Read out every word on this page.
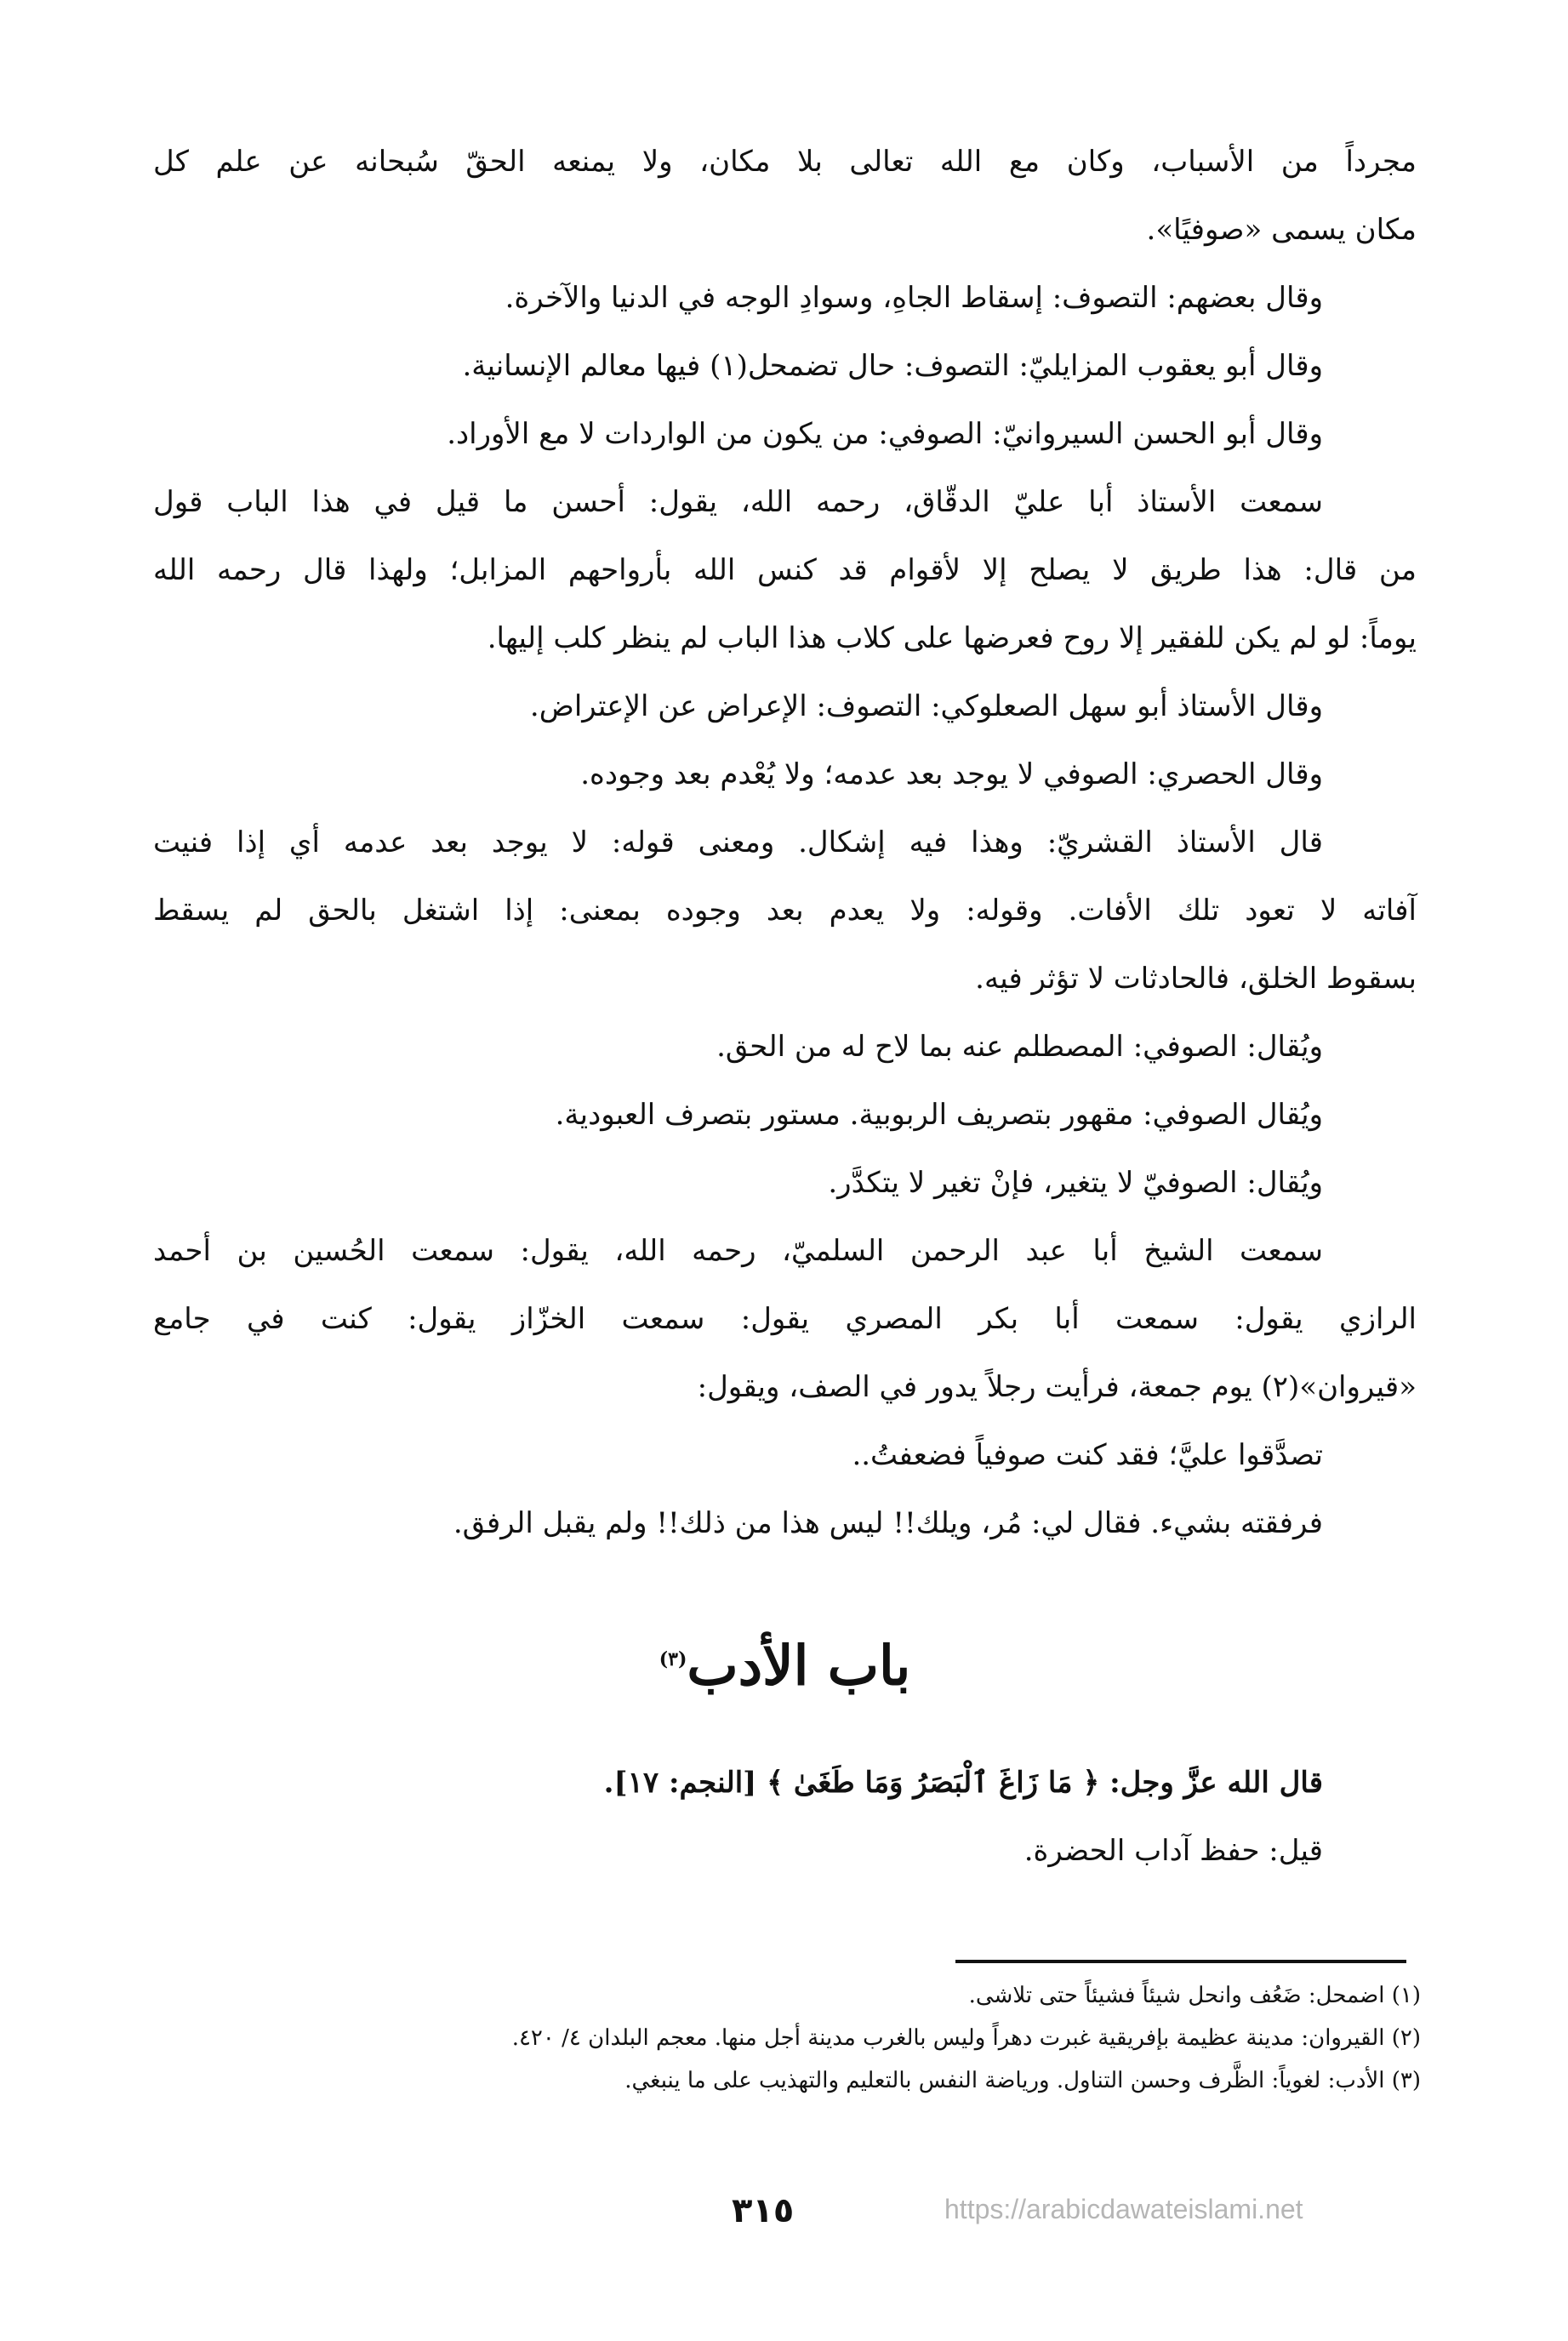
مجرداً من الأسباب، وكان مع الله تعالى بلا مكان، ولا يمنعه الحقّ سُبحانه عن علم كل
مكان يسمى «صوفيًا».
وقال بعضهم: التصوف: إسقاط الجاهِ، وسوادِ الوجه في الدنيا والآخرة.
وقال أبو يعقوب المزايليّ: التصوف: حال تضمحل(١) فيها معالم الإنسانية.
وقال أبو الحسن السيروانيّ: الصوفي: من يكون من الواردات لا مع الأوراد.
سمعت الأستاذ أبا عليّ الدقّاق، رحمه الله، يقول: أحسن ما قيل في هذا الباب قول
من قال: هذا طريق لا يصلح إلا لأقوام قد كنس الله بأرواحهم المزابل؛ ولهذا قال رحمه الله
يوماً: لو لم يكن للفقير إلا روح فعرضها على كلاب هذا الباب لم ينظر كلب إليها.
وقال الأستاذ أبو سهل الصعلوكي: التصوف: الإعراض عن الإعتراض.
وقال الحصري: الصوفي لا يوجد بعد عدمه؛ ولا يُعْدم بعد وجوده.
قال الأستاذ القشريّ: وهذا فيه إشكال. ومعنى قوله: لا يوجد بعد عدمه أي إذا فنيت
آفاته لا تعود تلك الأفات. وقوله: ولا يعدم بعد وجوده بمعنى: إذا اشتغل بالحق لم يسقط
بسقوط الخلق، فالحادثات لا تؤثر فيه.
ويُقال: الصوفي: المصطلم عنه بما لاح له من الحق.
ويُقال الصوفي: مقهور بتصريف الربوبية. مستور بتصرف العبودية.
ويُقال: الصوفيّ لا يتغير، فإنْ تغير لا يتكدَّر.
سمعت الشيخ أبا عبد الرحمن السلميّ، رحمه الله، يقول: سمعت الحُسين بن أحمد
الرازي يقول: سمعت أبا بكر المصري يقول: سمعت الخزّاز يقول: كنت في جامع
«قيروان»(٢) يوم جمعة، فرأيت رجلاً يدور في الصف، ويقول:
تصدَّقوا عليَّ؛ فقد كنت صوفياً فضعفتُ..
فرفقته بشيء. فقال لي: مُر، ويلك!! ليس هذا من ذلك!! ولم يقبل الرفق.
باب الأدب$^{(٣)}$
قال الله عزَّ وجل: ﴿ مَا زَاغَ ٱلْبَصَرُ وَمَا طَغَىٰ ﴾ [النجم: ١٧].
قيل: حفظ آداب الحضرة.
(١) اضمحل: ضَعُف وانحل شيئاً فشيئاً حتى تلاشى.
(٢) القيروان: مدينة عظيمة بإفريقية غبرت دهراً وليس بالغرب مدينة أجل منها. معجم البلدان ٤/ ٤٢٠.
(٣) الأدب: لغوياً: الظَّرف وحسن التناول. ورياضة النفس بالتعليم والتهذيب على ما ينبغي.
٣١٥	https://arabicdawateislami.net
